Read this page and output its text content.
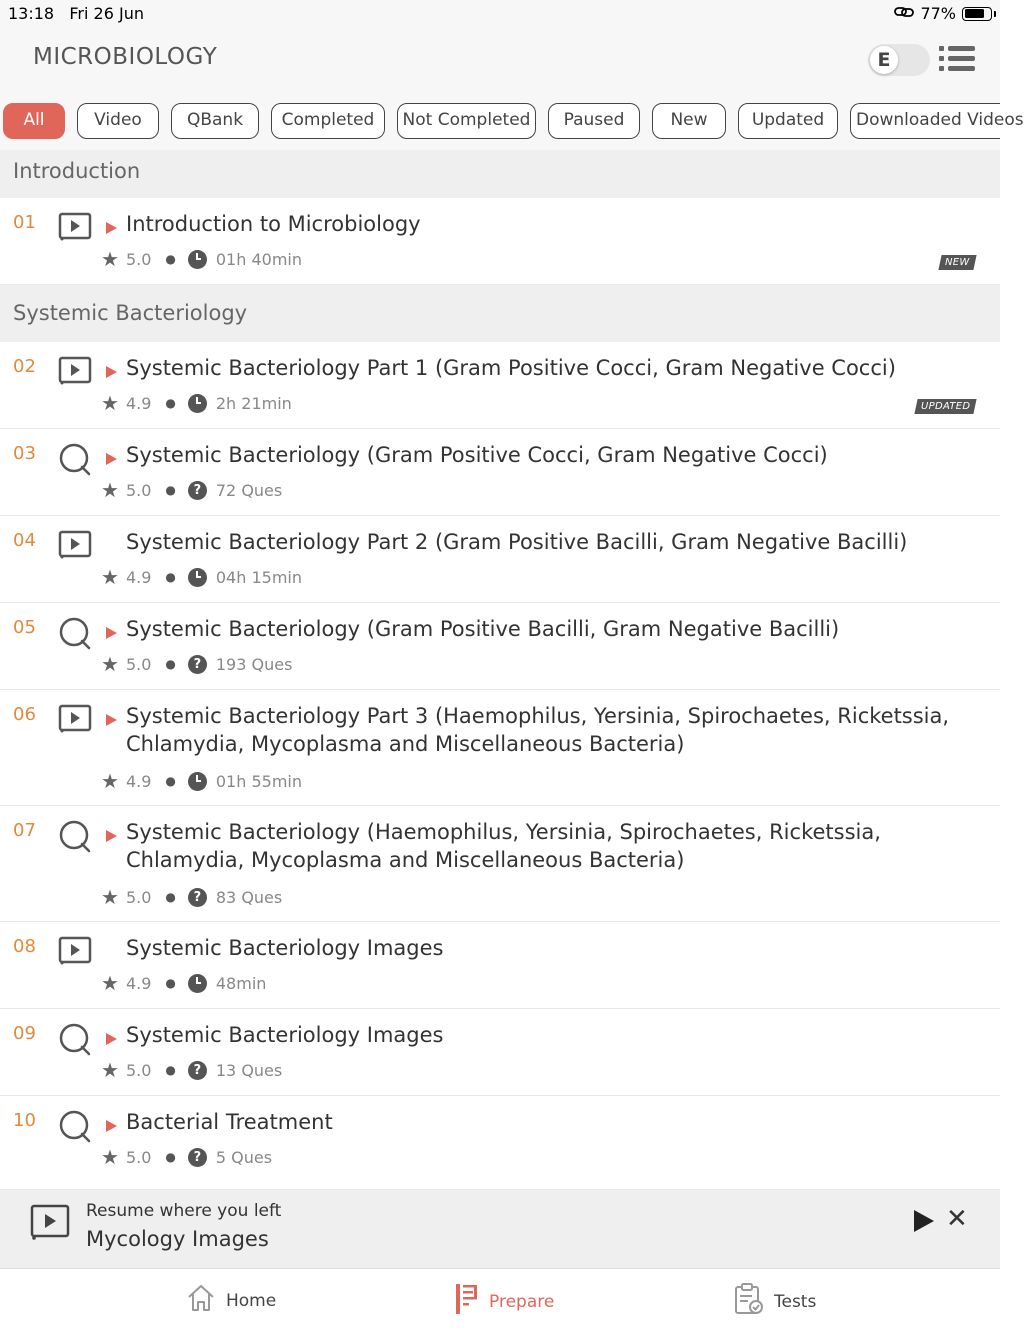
13:18 Fri 26 Jun	77%
MICROBIOLOGY	E
All	Video	QBank	Completed	Not Completed	Paused	New	Updated	Downloaded Videos
Introduction
01	Introduction to Microbiology
★ 5.0 ●	01h 40min	NEW
Systemic Bacteriology
02	Systemic Bacteriology Part 1 (Gram Positive Cocci, Gram Negative Cocci)
★ 4.9 ●	2h 21min	UPDATED
03	Systemic Bacteriology (Gram Positive Cocci, Gram Negative Cocci)
★ 5.0 ●	? 72 Ques
04	Systemic Bacteriology Part 2 (Gram Positive Bacilli, Gram Negative Bacilli)
★ 4.9 ●	04h 15min
05	Systemic Bacteriology (Gram Positive Bacilli, Gram Negative Bacilli)
★ 5.0 ●	? 193 Ques
06	Systemic Bacteriology Part 3 (Haemophilus, Yersinia, Spirochaetes, Ricketssia, Chlamydia, Mycoplasma and Miscellaneous Bacteria)
★ 4.9 ●	01h 55min
07	Systemic Bacteriology (Haemophilus, Yersinia, Spirochaetes, Ricketssia, Chlamydia, Mycoplasma and Miscellaneous Bacteria)
★ 5.0 ●	? 83 Ques
08	Systemic Bacteriology Images
★ 4.9 ●	48min
09	Systemic Bacteriology Images
★ 5.0 ●	? 13 Ques
10	Bacterial Treatment
★ 5.0 ●	? 5 Ques
Resume where you left
Mycology Images
✕
Home	Prepare	Tests
